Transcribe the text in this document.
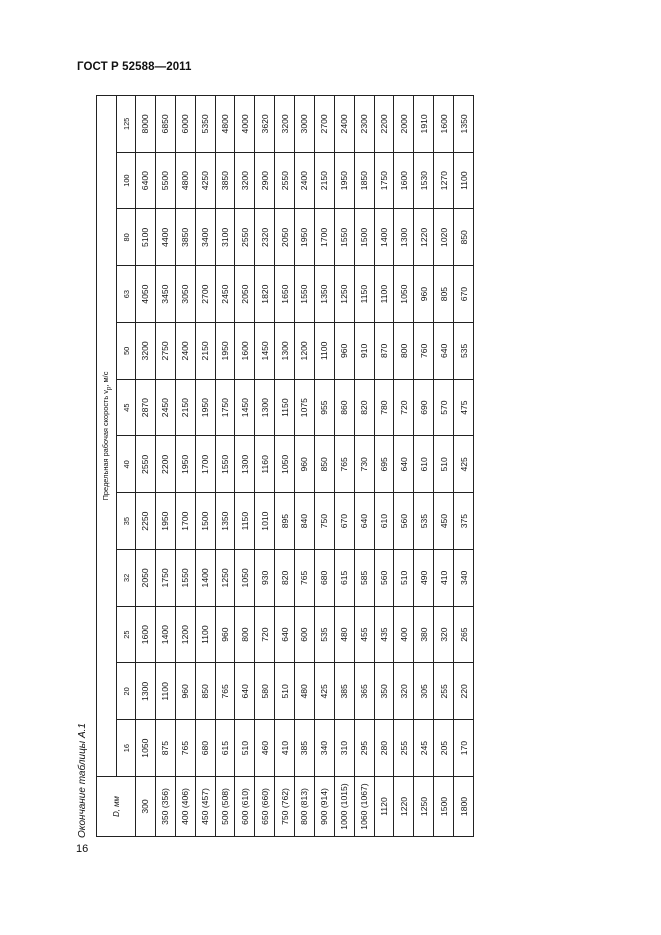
ГОСТ Р 52588—2011
Окончание таблицы А.1	D, мм	Предельная рабочая скорость $v_p$, м/с											
	16	20	25	32	35	40	45	50	63	80	100	125
300	1050	1300	1600	2050	2250	2550	2870	3200	4050	5100	6400	8000
350 (356)	875	1100	1400	1750	1950	2200	2450	2750	3450	4400	5500	6850
400 (406)	765	960	1200	1550	1700	1950	2150	2400	3050	3850	4800	6000
450 (457)	680	850	1100	1400	1500	1700	1950	2150	2700	3400	4250	5350
500 (508)	615	765	960	1250	1350	1550	1750	1950	2450	3100	3850	4800
600 (610)	510	640	800	1050	1150	1300	1450	1600	2050	2550	3200	4000
650 (660)	460	580	720	930	1010	1160	1300	1450	1820	2320	2900	3620
750 (762)	410	510	640	820	895	1050	1150	1300	1650	2050	2550	3200
800 (813)	385	480	600	765	840	960	1075	1200	1550	1950	2400	3000
900 (914)	340	425	535	680	750	850	955	1100	1350	1700	2150	2700
1000 (1015)	310	385	480	615	670	765	860	960	1250	1550	1950	2400
1060 (1067)	295	365	455	585	640	730	820	910	1150	1500	1850	2300
1120	280	350	435	560	610	695	780	870	1100	1400	1750	2200
1220	255	320	400	510	560	640	720	800	1050	1300	1600	2000
1250	245	305	380	490	535	610	690	760	960	1220	1530	1910
1500	205	255	320	410	450	510	570	640	805	1020	1270	1600
1800	170	220	265	340	375	425	475	535	670	850	1100	1350
16
